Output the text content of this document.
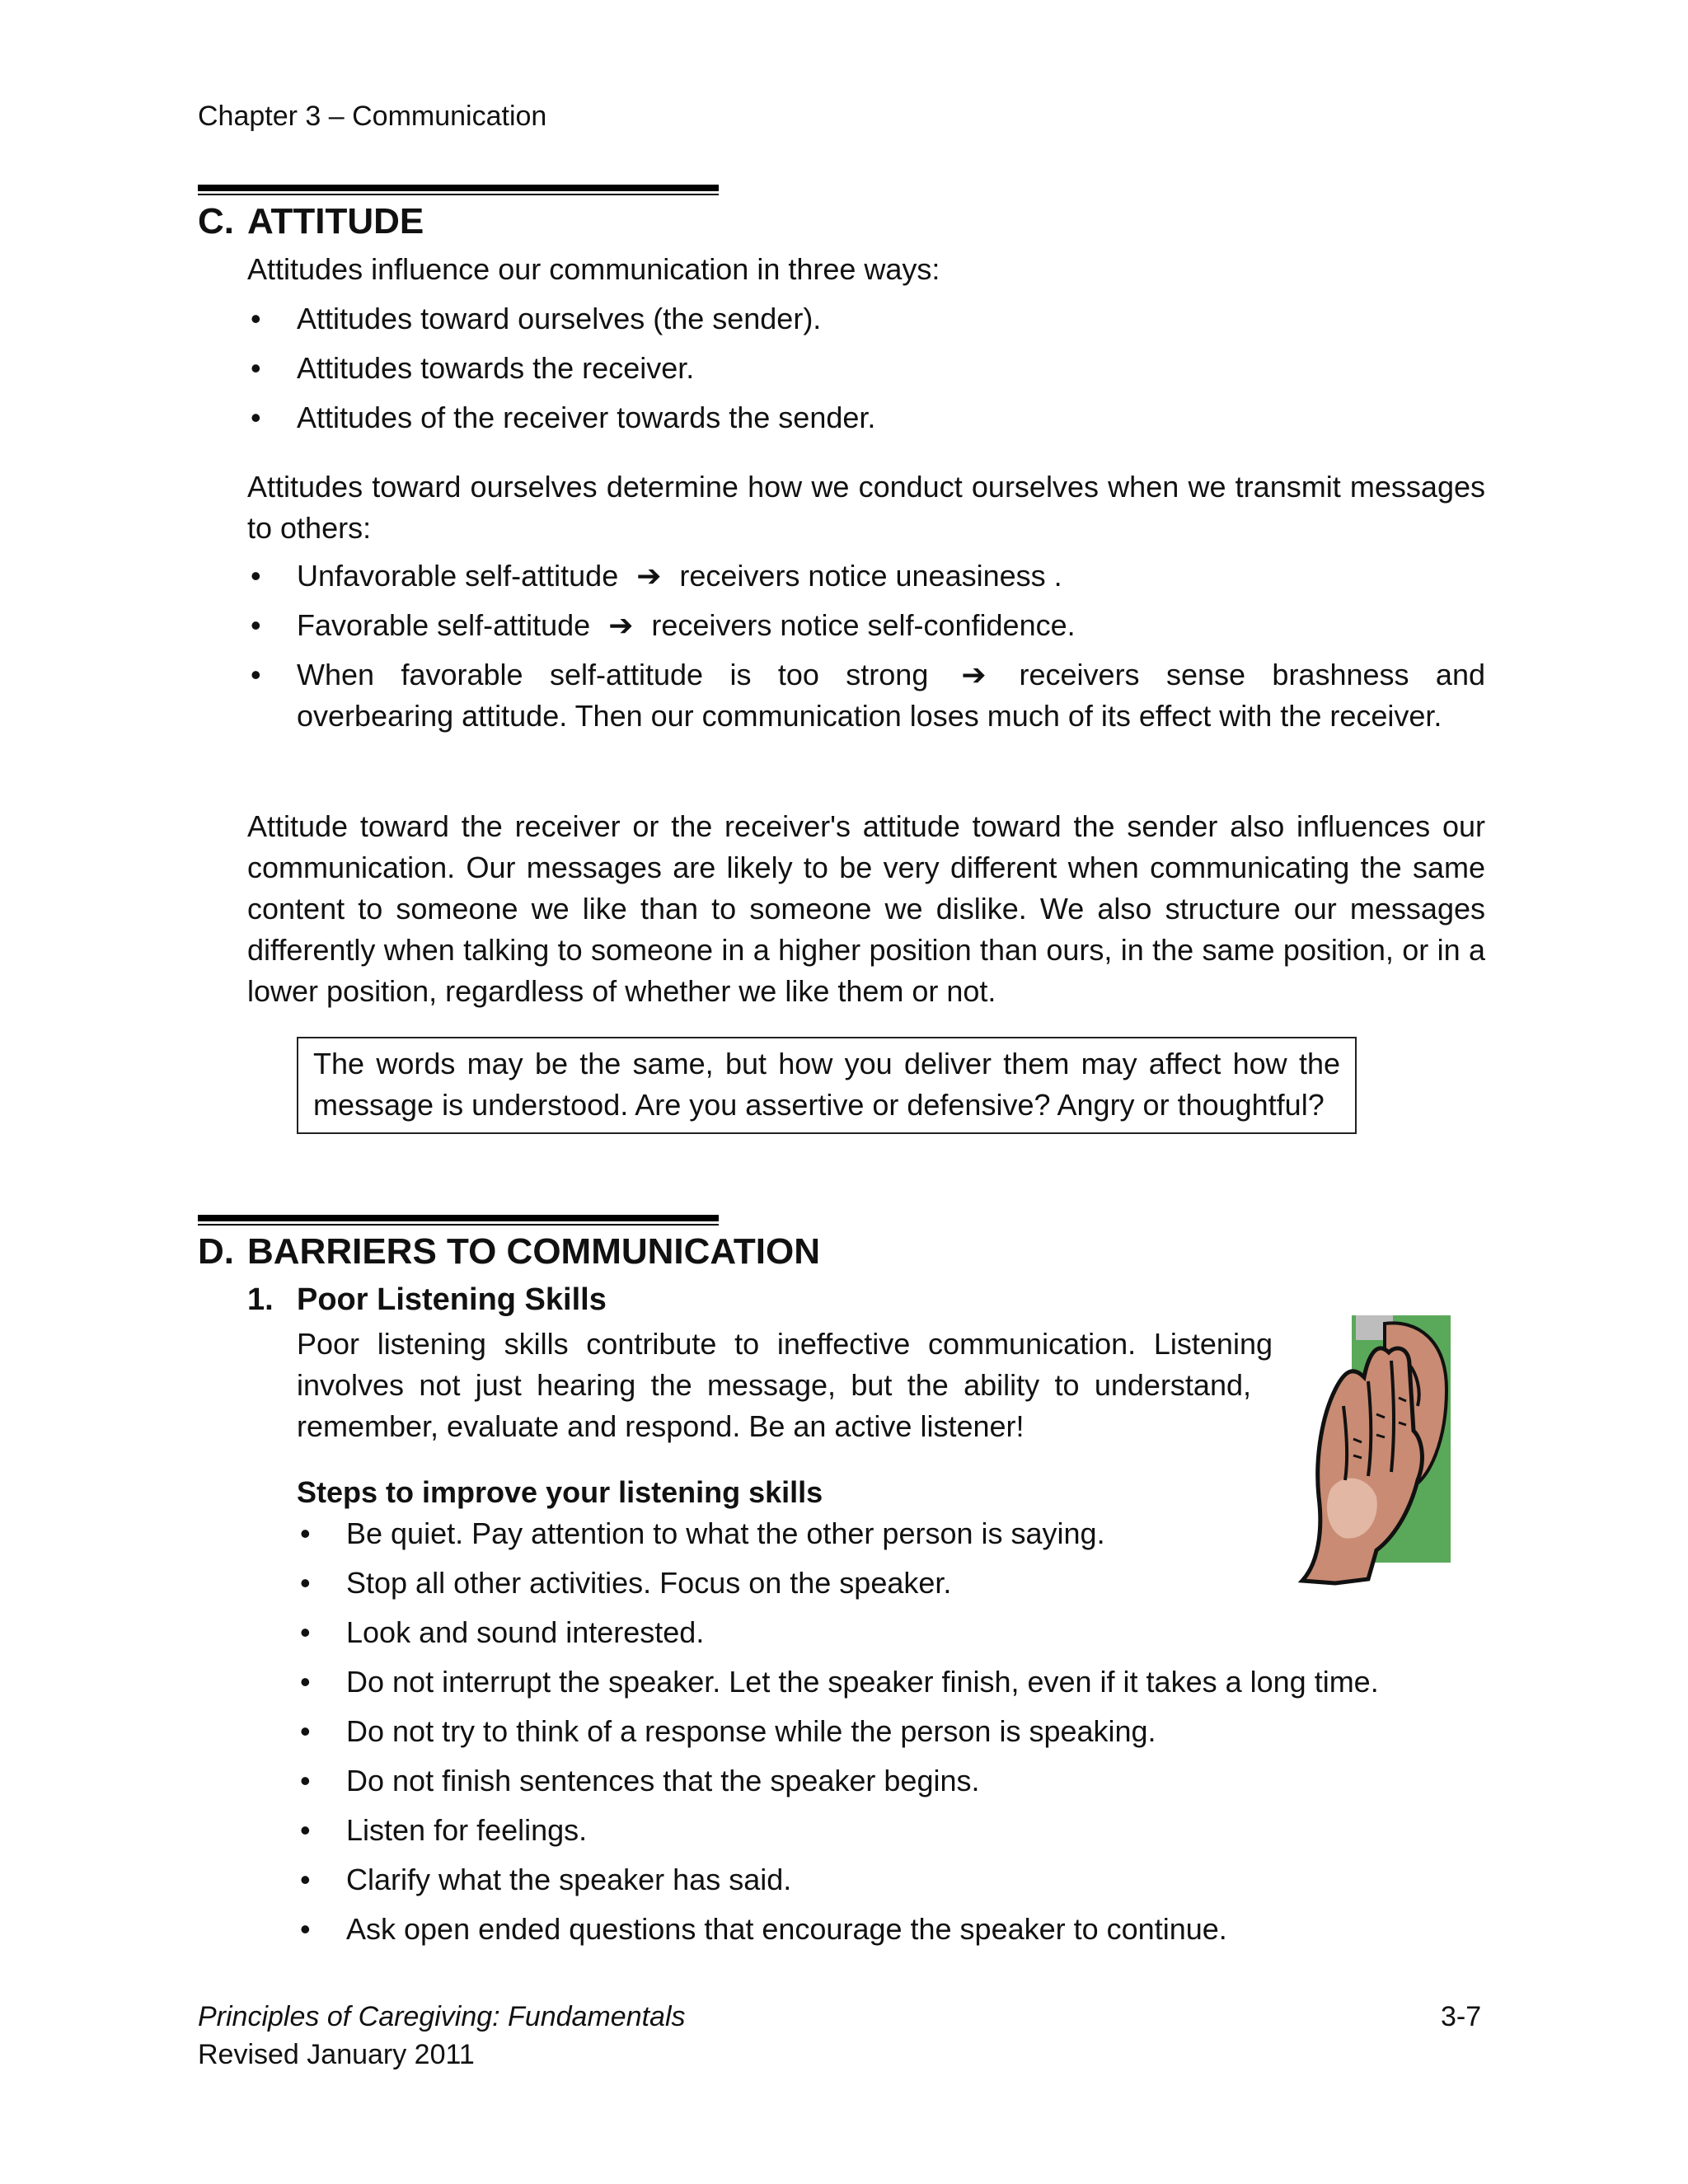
Chapter 3 – Communication
C. ATTITUDE

Attitudes influence our communication in three ways:

• Attitudes toward ourselves (the sender).
• Attitudes towards the receiver.
• Attitudes of the receiver towards the sender.

Attitudes toward ourselves determine how we conduct ourselves when we transmit messages to others:

• Unfavorable self-attitude ➔ receivers notice uneasiness .
• Favorable self-attitude ➔ receivers notice self-confidence.
• When favorable self-attitude is too strong ➔ receivers sense brashness and overbearing attitude. Then our communication loses much of its effect with the receiver.

Attitude toward the receiver or the receiver's attitude toward the sender also influences our communication. Our messages are likely to be very different when communicating the same content to someone we like than to someone we dislike. We also structure our messages differently when talking to someone in a higher position than ours, in the same position, or in a lower position, regardless of whether we like them or not.

The words may be the same, but how you deliver them may affect how the message is understood. Are you assertive or defensive? Angry or thoughtful?
D. BARRIERS TO COMMUNICATION
1. Poor Listening Skills
Poor listening skills contribute to ineffective communication. Listening
involves not just hearing the message, but the ability to understand,
remember, evaluate and respond. Be an active listener!
Steps to improve your listening skills
• Be quiet. Pay attention to what the other person is saying.
• Stop all other activities. Focus on the speaker.
• Look and sound interested.
• Do not interrupt the speaker. Let the speaker finish, even if it takes a long time.
• Do not try to think of a response while the person is speaking.
• Do not finish sentences that the speaker begins.
• Listen for feelings.
• Clarify what the speaker has said.
• Ask open ended questions that encourage the speaker to continue.
Principles of Caregiving: Fundamentals
Revised January 2011
3-7
